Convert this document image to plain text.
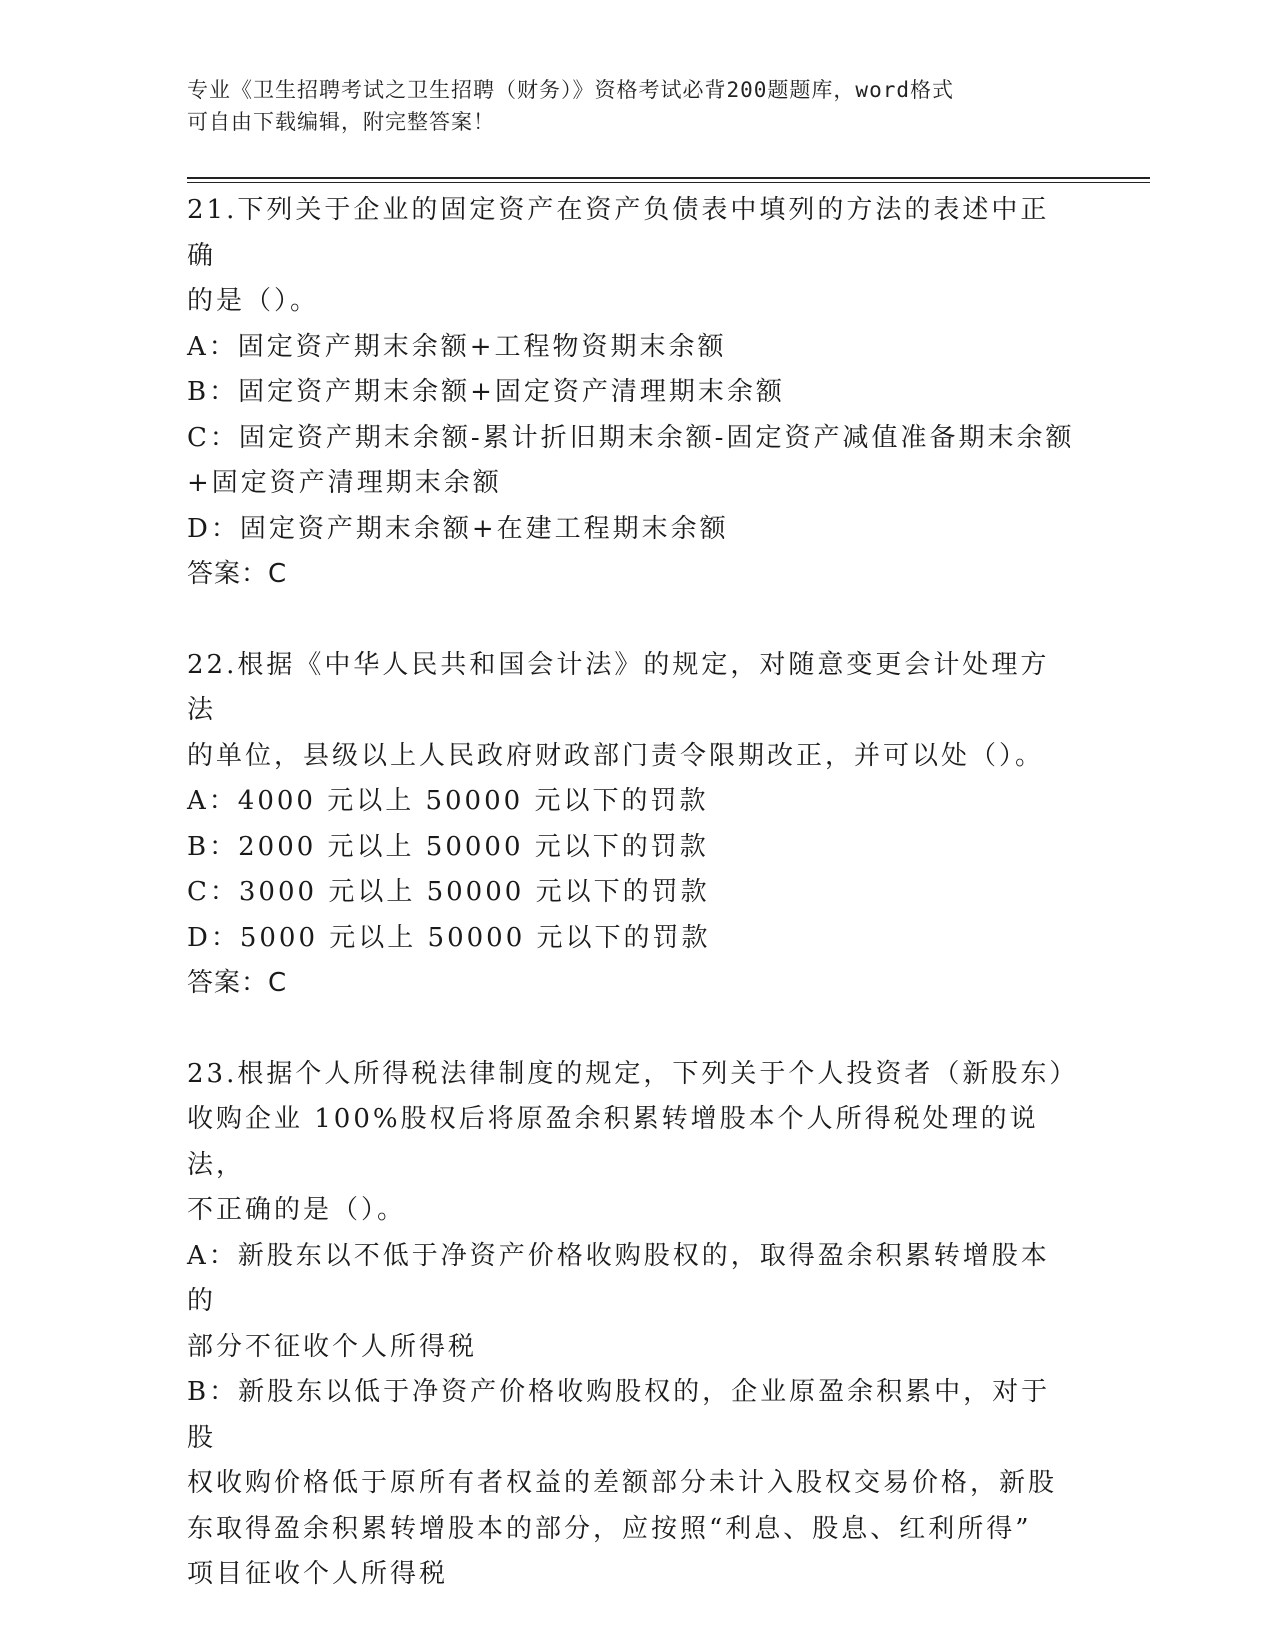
专业《卫生招聘考试之卫生招聘（财务）》资格考试必背200题题库，word格式
可自由下载编辑，附完整答案！

21.下列关于企业的固定资产在资产负债表中填列的方法的表述中正确

的是（）。

A：固定资产期末余额+工程物资期末余额

B：固定资产期末余额+固定资产清理期末余额

C：固定资产期末余额-累计折旧期末余额-固定资产减值准备期末余额

+固定资产清理期末余额

D：固定资产期末余额+在建工程期末余额

答案：C

22.根据《中华人民共和国会计法》的规定，对随意变更会计处理方法

的单位，县级以上人民政府财政部门责令限期改正，并可以处（）。

A：4000 元以上 50000 元以下的罚款

B：2000 元以上 50000 元以下的罚款

C：3000 元以上 50000 元以下的罚款

D：5000 元以上 50000 元以下的罚款

答案：C

23.根据个人所得税法律制度的规定，下列关于个人投资者（新股东）

收购企业 100%股权后将原盈余积累转增股本个人所得税处理的说法，

不正确的是（）。

A：新股东以不低于净资产价格收购股权的，取得盈余积累转增股本的

部分不征收个人所得税

B：新股东以低于净资产价格收购股权的，企业原盈余积累中，对于股

权收购价格低于原所有者权益的差额部分未计入股权交易价格，新股

东取得盈余积累转增股本的部分，应按照“利息、股息、红利所得”

项目征收个人所得税
